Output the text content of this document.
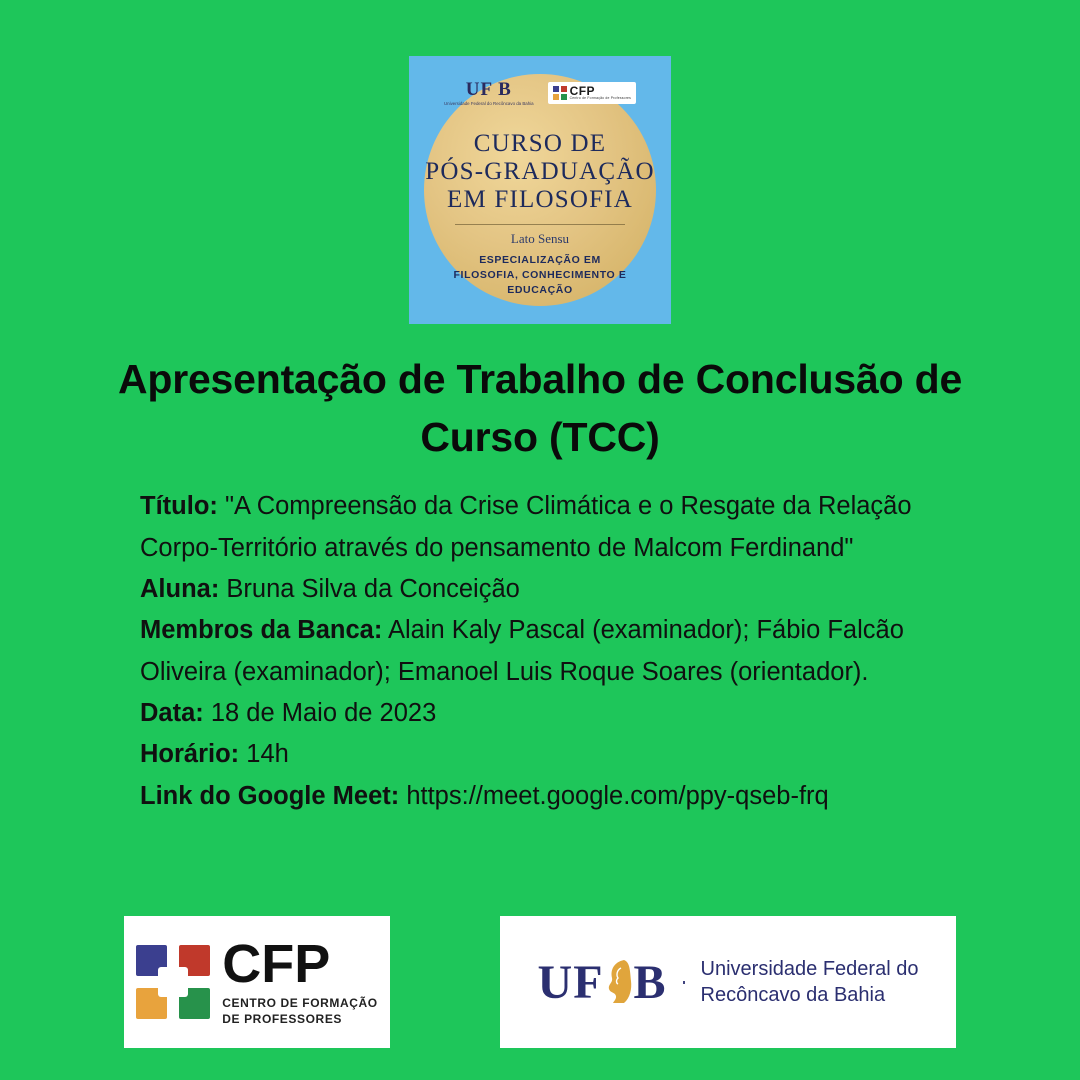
UF B
Universidade Federal do Recôncavo da Bahia
CFP
Centro de Formação de Professores
CURSO DE
PÓS-GRADUAÇÃO
EM FILOSOFIA
Lato Sensu
ESPECIALIZAÇÃO EM
FILOSOFIA, CONHECIMENTO E
EDUCAÇÃO
Apresentação de Trabalho de Conclusão de Curso (TCC)

Título: "A Compreensão da Crise Climática e o Resgate da Relação Corpo-Território através do pensamento de Malcom Ferdinand"

Aluna: Bruna Silva da Conceição

Membros da Banca: Alain Kaly Pascal (examinador); Fábio Falcão Oliveira (examinador); Emanoel Luis Roque Soares (orientador).

Data: 18 de Maio de 2023

Horário: 14h

Link do Google Meet: https://meet.google.com/ppy-qseb-frq

CFP
CENTRO DE FORMAÇÃO
DE PROFESSORES
UF B Universidade Federal do
Recôncavo da Bahia
